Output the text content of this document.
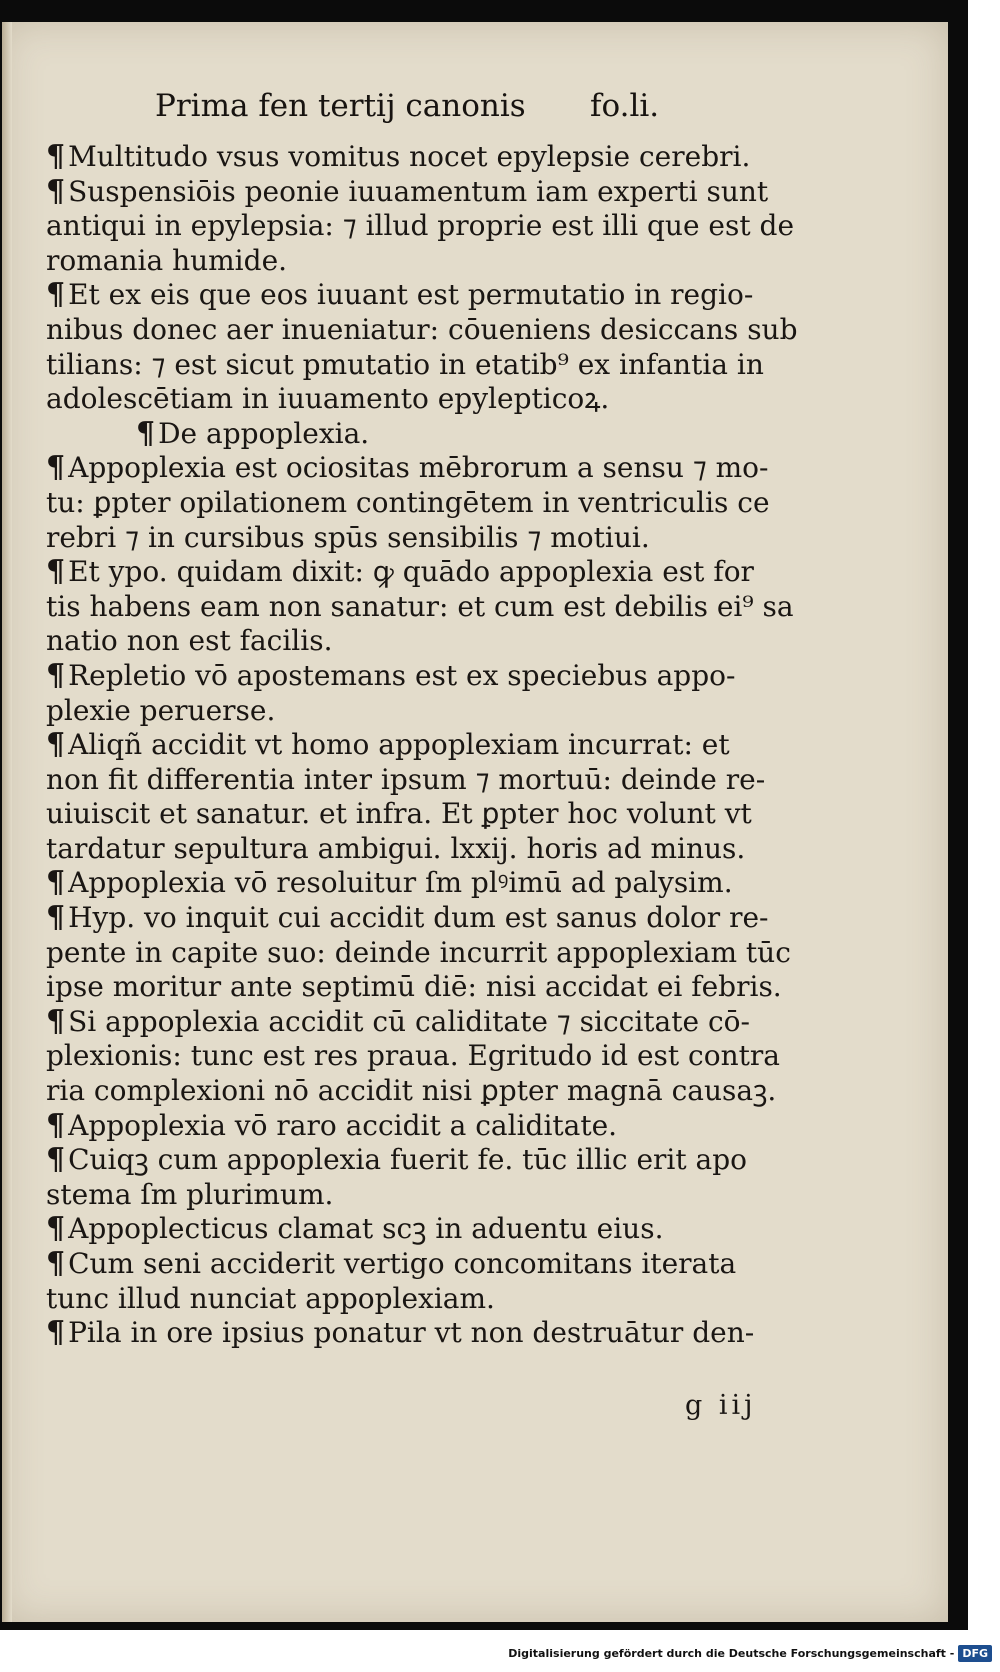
Prima fen tertij canonis fo.li.
¶ Multitudo vsus vomitus nocet epylepsie cerebri.
¶ Suspensiōis peonie iuuamentum iam experti sunt
antiqui in epylepsia: ⁊ illud proprie est illi que est de
romania humide.
¶ Et ex eis que eos iuuant est permutatio in regio-
nibus donec aer inueniatur: cōueniens desiccans sub
tilians: ⁊ est sicut pmutatio in etatib⁹ ex infantia in
adolescētiam in iuuamento epylepticoꝝ.
¶ De appoplexia.
¶ Appoplexia est ociositas mēbrorum a sensu ⁊ mo-
tu: ꝑpter opilationem contingētem in ventriculis ce
rebri ⁊ in cursibus spūs sensibilis ⁊ motiui.
¶ Et ypo. quidam dixit: ꝙ quādo appoplexia est for
tis habens eam non sanatur: et cum est debilis ei⁹ sa
natio non est facilis.
¶ Repletio vō apostemans est ex speciebus appo-
plexie peruerse.
¶ Aliqñ accidit vt homo appoplexiam incurrat: et
non fit differentia inter ipsum ⁊ mortuū: deinde re-
uiuiscit et sanatur. et infra. Et ꝑpter hoc volunt vt
tardatur sepultura ambigui. lxxij. horis ad minus.
¶ Appoplexia vō resoluitur ſm plꝰimū ad palysim.
¶ Hyp. vo inquit cui accidit dum est sanus dolor re-
pente in capite suo: deinde incurrit appoplexiam tūc
ipse moritur ante septimū diē: nisi accidat ei febris.
¶ Si appoplexia accidit cū caliditate ⁊ siccitate cō-
plexionis: tunc est res praua. Egritudo id est contra
ria complexioni nō accidit nisi ꝑpter magnā causaꝫ.
¶ Appoplexia vō raro accidit a caliditate.
¶ Cuiqꝫ cum appoplexia fuerit fe. tūc illic erit apo
stema ſm plurimum.
¶ Appoplecticus clamat scꝫ in aduentu eius.
¶ Cum seni acciderit vertigo concomitans iterata
tunc illud nunciat appoplexiam.
¶ Pila in ore ipsius ponatur vt non destruātur den-
g iij
Digitalisierung gefördert durch die Deutsche Forschungsgemeinschaft - DFG
